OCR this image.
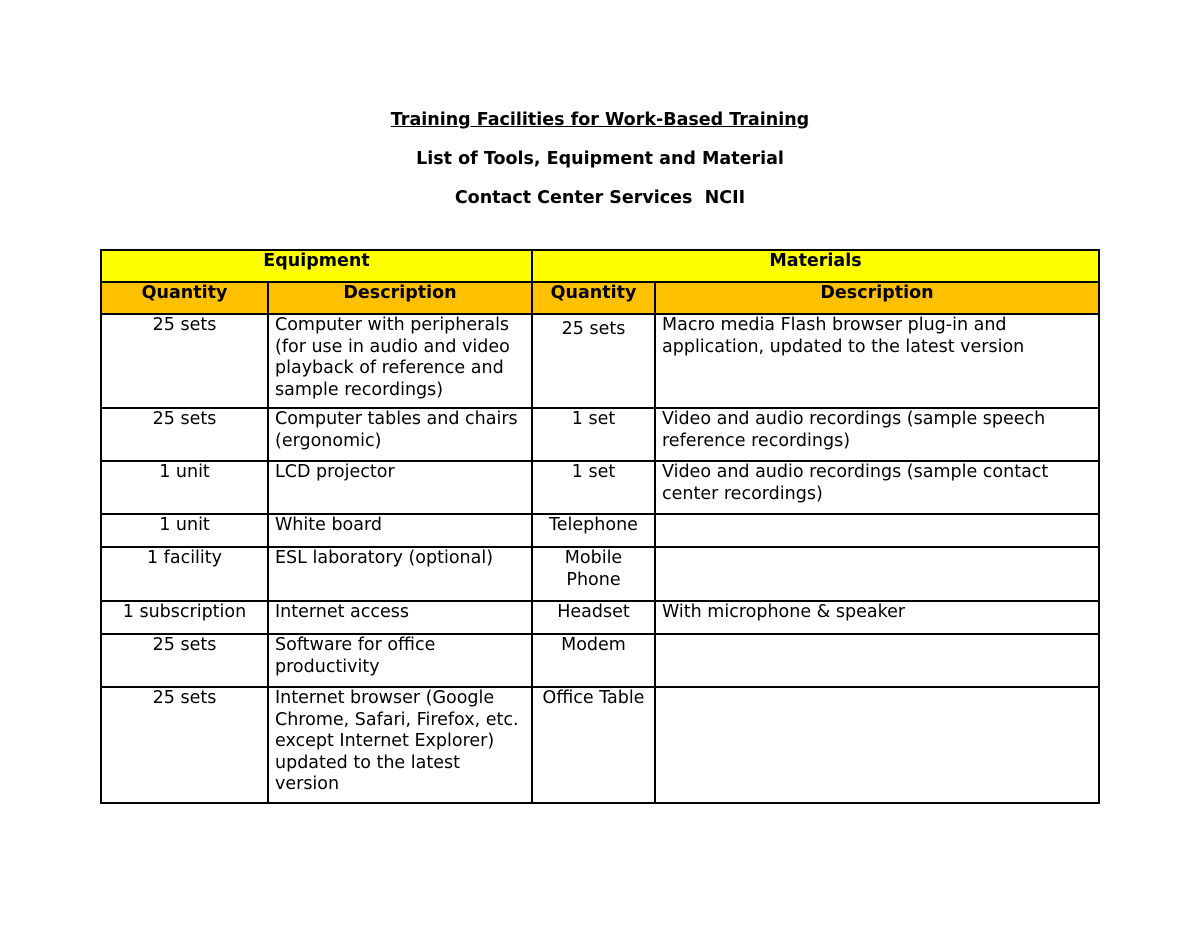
Training Facilities for Work-Based Training
List of Tools, Equipment and Material
Contact Center Services  NCII
Equipment		Materials	
Quantity	Description	Quantity	Description
25 sets	Computer with peripherals (for use in audio and video playback of reference and sample recordings)	25 sets	Macro media Flash browser plug-in and application, updated to the latest version
25 sets	Computer tables and chairs (ergonomic)	1 set	Video and audio recordings (sample speech reference recordings)
1 unit	LCD projector	1 set	Video and audio recordings (sample contact center recordings)
1 unit	White board	Telephone	
1 facility	ESL laboratory (optional)	Mobile Phone	
1 subscription	Internet access	Headset	With microphone & speaker
25 sets	Software for office productivity	Modem	
25 sets	Internet browser (Google Chrome, Safari, Firefox, etc. except Internet Explorer) updated to the latest version	Office Table	
